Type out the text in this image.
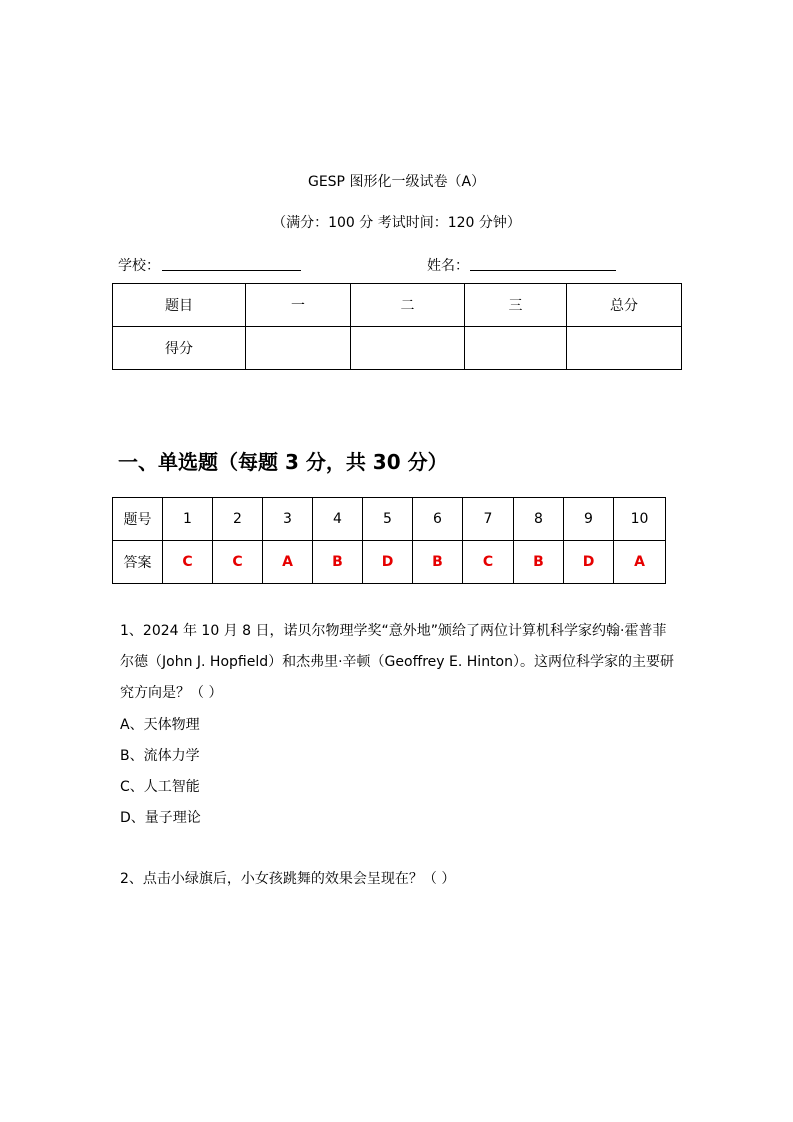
GESP 图形化一级试卷（A）
（满分：100 分 考试时间：120 分钟）
学校：	姓名：
题目	一	二	三	总分
得分				
一、单选题（每题 3 分，共 30 分）
题号	1	2	3	4	5	6	7	8	9	10
答案	C	C	A	B	D	B	C	B	D	A
1、2024 年 10 月 8 日，诺贝尔物理学奖“意外地”颁给了两位计算机科学家约翰·霍普菲尔德（John J. Hopfield）和杰弗里·辛顿（Geoffrey E. Hinton）。这两位科学家的主要研究方向是？（ ）
A、天体物理
B、流体力学
C、人工智能
D、量子理论
2、点击小绿旗后，小女孩跳舞的效果会呈现在？（ ）
